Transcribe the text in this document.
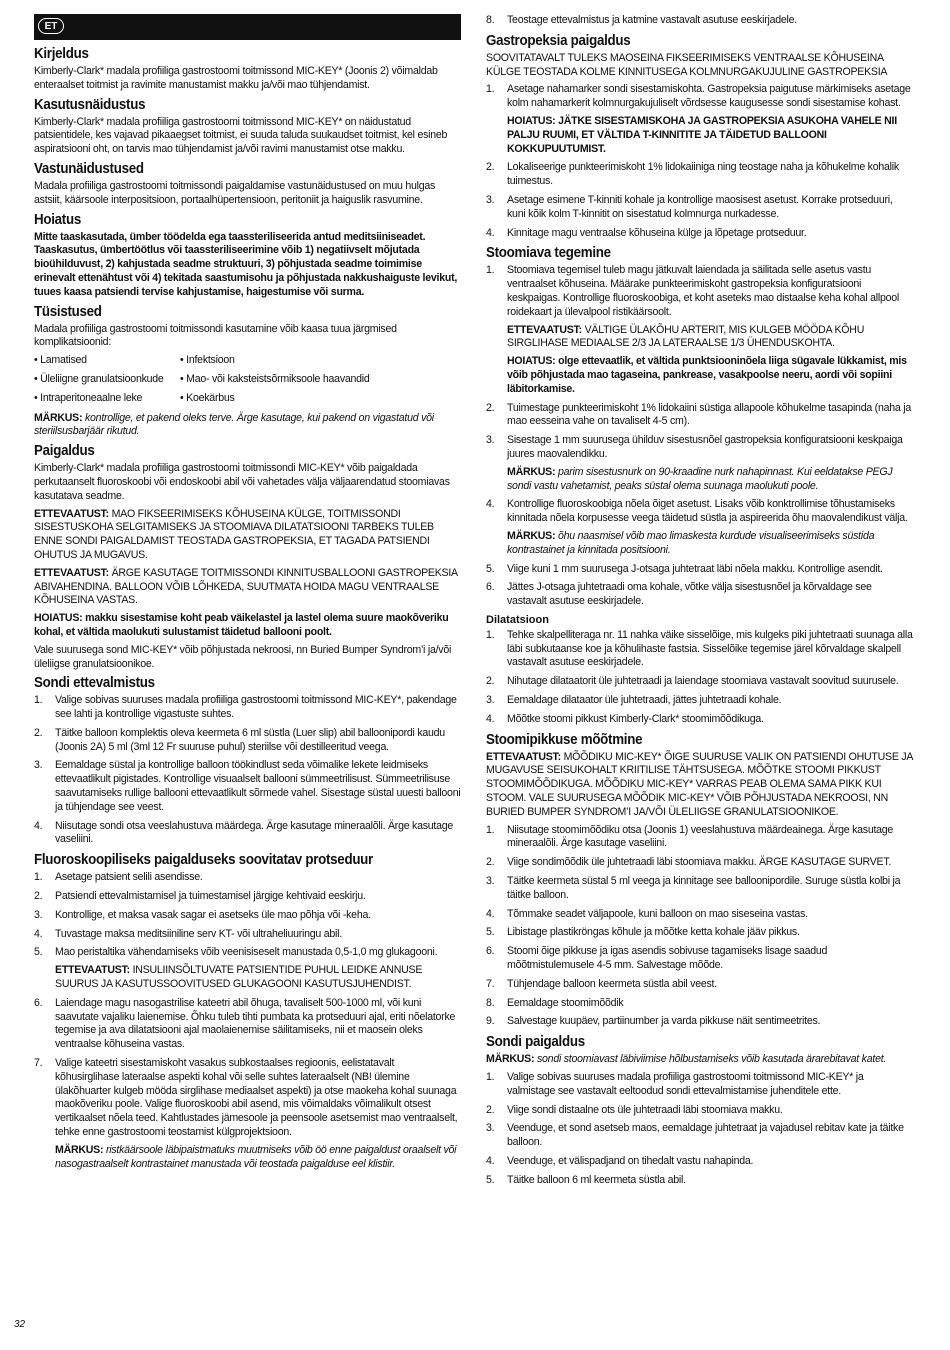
ET
Kirjeldus

Kimberly-Clark* madala profiiliga gastrostoomi toitmissond MIC-KEY* (Joonis 2) võimaldab enteraalset toitmist ja ravimite manustamist makku ja/või mao tühjendamist.

Kasutusnäidustus

Kimberly-Clark* madala profiiliga gastrostoomi toitmissond MIC-KEY* on näidustatud patsientidele, kes vajavad pikaaegset toitmist, ei suuda taluda suukaudset toitmist, kel esineb aspiratsiooni oht, on tarvis mao tühjendamist ja/või ravimi manustamist otse makku.

Vastunäidustused

Madala profiiliga gastrostoomi toitmissondi paigaldamise vastunäidustused on muu hulgas astsiit, käärsoole interpositsioon, portaalhüpertensioon, peritoniit ja haiguslik rasvumine.

Hoiatus

Mitte taaskasutada, ümber töödelda ega taassteriliseerida antud meditsiiniseadet. Taaskasutus, ümbertöötlus või taassteriliseerimine võib 1) negatiivselt mõjutada bioühilduvust, 2) kahjustada seadme struktuuri, 3) põhjustada seadme toimimise erinevalt ettenähtust või 4) tekitada saastumisohu ja põhjustada nakkushaiguste levikut, tuues kaasa patsiendi tervise kahjustamise, haigestumise või surma.

Tüsistused

Madala profiiliga gastrostoomi toitmissondi kasutamine võib kaasa tuua järgmised komplikatsioonid:

• Lamatised	• Infektsioon
• Üleliigne granulatsioonkude	• Mao- või kaksteistsõrmiksoole haavandid
• Intraperitoneaalne leke	• Koekärbus

MÄRKUS: kontrollige, et pakend oleks terve. Ärge kasutage, kui pakend on vigastatud või steriilsusbarjäär rikutud.

Paigaldus

Kimberly-Clark* madala profiiliga gastrostoomi toitmissondi MIC-KEY* võib paigaldada perkutaanselt fluoroskoobi või endoskoobi abil või vahetades välja väljaarendatud stoomiavas kasutatava seadme.

ETTEVAATUST: MAO FIKSEERIMISEKS KÕHUSEINA KÜLGE, TOITMISSONDI SISESTUSKOHA SELGITAMISEKS JA STOOMIAVA DILATATSIOONI TARBEKS TULEB ENNE SONDI PAIGALDAMIST TEOSTADA GASTROPEKSIA, ET TAGADA PATSIENDI OHUTUS JA MUGAVUS.

ETTEVAATUST: ÄRGE KASUTAGE TOITMISSONDI KINNITUSBALLOONI GASTROPEKSIA ABIVAHENDINA. BALLOON VÕIB LÕHKEDA, SUUTMATA HOIDA MAGU VENTRAALSE KÕHUSEINA VASTAS.

HOIATUS: makku sisestamise koht peab väikelastel ja lastel olema suure maokõveriku kohal, et vältida maolukuti sulustamist täidetud ballooni poolt.

Vale suurusega sond MIC-KEY* võib põhjustada nekroosi, nn Buried Bumper Syndrom’i ja/või üleliigse granulatsioonikoe.

Sondi ettevalmistus
1. Valige sobivas suuruses madala profiiliga gastrostoomi toitmissond MIC-KEY*, pakendage see lahti ja kontrollige vigastuste suhtes.
2. Täitke balloon komplektis oleva keermeta 6 ml süstla (Luer slip) abil balloonipordi kaudu (Joonis 2A) 5 ml (3ml 12 Fr suuruse puhul) steriilse või destilleeritud veega.
3. Eemaldage süstal ja kontrollige balloon töökindlust seda võimalike lekete leidmiseks ettevaatlikult pigistades. Kontrollige visuaalselt ballooni sümmeetrilisust. Sümmeetrilisuse saavutamiseks rullige ballooni ettevaatlikult sõrmede vahel. Sisestage süstal uuesti ballooni ja tühjendage see veest.
4. Niisutage sondi otsa veeslahustuva määrdega. Ärge kasutage mineraalõli. Ärge kasutage vaseliini.
Fluoroskoopiliseks paigalduseks soovitatav protseduur
1. Asetage patsient selili asendisse.
2. Patsiendi ettevalmistamisel ja tuimestamisel järgige kehtivaid eeskirju.
3. Kontrollige, et maksa vasak sagar ei asetseks üle mao põhja või -keha.
4. Tuvastage maksa meditsiiniline serv KT- või ultraheliuuringu abil.
5. Mao peristaltika vähendamiseks võib veenisiseselt manustada 0,5-1,0 mg glukagooni.
ETTEVAATUST: INSULIINSÕLTUVATE PATSIENTIDE PUHUL LEIDKE ANNUSE SUURUS JA KASUTUSSOOVITUSED GLUKAGOONI KASUTUSJUHENDIST.
6. Laiendage magu nasogastrilise kateetri abil õhuga, tavaliselt 500-1000 ml, või kuni saavutate vajaliku laienemise. Õhku tuleb tihti pumbata ka protseduuri ajal, eriti nõelatorke tegemise ja ava dilatatsiooni ajal maolaienemise säilitamiseks, nii et maosein oleks ventraalse kõhuseina vastas.
7. Valige kateetri sisestamiskoht vasakus subkostaalses regioonis, eelistatavalt kõhusirglihase lateraalse aspekti kohal või selle suhtes lateraalselt (NB! ülemine ülakõhuarter kulgeb mööda sirglihase mediaalset aspekti) ja otse maokeha kohal suunaga maokõveriku poole. Valige fluoroskoobi abil asend, mis võimaldaks võimalikult otsest vertikaalset nõela teed. Kahtlustades jämesoole ja peensoole asetsemist mao ventraalselt, tehke enne gastrostoomi teostamist külgprojektsioon.
MÄRKUS: ristkäärsoole läbipaistmatuks muutmiseks võib öö enne paigaldust oraalselt või nasogastraalselt kontrastainet manustada või teostada paigalduse eel klistiir.
8. Teostage ettevalmistus ja katmine vastavalt asutuse eeskirjadele.
Gastropeksia paigaldus

SOOVITATAVALT TULEKS MAOSEINA FIKSEERIMISEKS VENTRAALSE KÕHUSEINA KÜLGE TEOSTADA KOLME KINNITUSEGA KOLMNURGAKUJULINE GASTROPEKSIA

1. Asetage nahamarker sondi sisestamiskohta. Gastropeksia paigutuse märkimiseks asetage kolm nahamarkerit kolmnurgakujuliselt võrdsesse kaugusesse sondi sisestamise kohast.
HOIATUS: JÄTKE SISESTAMISKOHA JA GASTROPEKSIA ASUKOHA VAHELE NII PALJU RUUMI, ET VÄLTIDA T-KINNITITE JA TÄIDETUD BALLOONI KOKKUPUUTUMIST.
2. Lokaliseerige punkteerimiskoht 1% lidokaiiniga ning teostage naha ja kõhukelme kohalik tuimestus.
3. Asetage esimene T-kinniti kohale ja kontrollige maosisest asetust. Korrake protseduuri, kuni kõik kolm T-kinnitit on sisestatud kolmnurga nurkadesse.
4. Kinnitage magu ventraalse kõhuseina külge ja lõpetage protseduur.
Stoomiava tegemine
1. Stoomiava tegemisel tuleb magu jätkuvalt laiendada ja säilitada selle asetus vastu ventraalset kõhuseina. Määrake punkteerimiskoht gastropeksia konfiguratsiooni keskpaigas. Kontrollige fluoroskoobiga, et koht aseteks mao distaalse keha kohal allpool roidekaart ja ülevalpool ristikäärsoolt.
ETTEVAATUST: VÄLTIGE ÜLAKÕHU ARTERIT, MIS KULGEB MÖÖDA KÕHU SIRGLIHASE MEDIAALSE 2/3 JA LATERAALSE 1/3 ÜHENDUSKOHTA.
HOIATUS: olge ettevaatlik, et vältida punktsiooninõela liiga sügavale lükkamist, mis võib põhjustada mao tagaseina, pankrease, vasakpoolse neeru, aordi või sopiini läbitorkamise.
2. Tuimestage punkteerimiskoht 1% lidokaiini süstiga allapoole kõhukelme tasapinda (naha ja mao eesseina vahe on tavaliselt 4-5 cm).
3. Sisestage 1 mm suurusega ühilduv sisestusnõel gastropeksia konfiguratsiooni keskpaiga juures maovalendikku.
MÄRKUS: parim sisestusnurk on 90-kraadine nurk nahapinnast. Kui eeldatakse PEGJ sondi vastu vahetamist, peaks süstal olema suunaga maolukuti poole.
4. Kontrollige fluoroskoobiga nõela õiget asetust. Lisaks võib konktrollimise tõhustamiseks kinnitada nõela korpusesse veega täidetud süstla ja aspireerida õhu maovalendikust välja.
MÄRKUS: õhu naasmisel võib mao limaskesta kurdude visualiseerimiseks süstida kontrastainet ja kinnitada positsiooni.
5. Viige kuni 1 mm suurusega J-otsaga juhtetraat läbi nõela makku. Kontrollige asendit.
6. Jättes J-otsaga juhtetraadi oma kohale, võtke välja sisestusnõel ja kõrvaldage see vastavalt asutuse eeskirjadele.
Dilatatsioon
1. Tehke skalpelliteraga nr. 11 nahka väike sisselõige, mis kulgeks piki juhtetraati suunaga alla läbi subkutaanse koe ja kõhulihaste fastsia. Sisselõike tegemise järel kõrvaldage skalpell vastavalt asutuse eeskirjadele.
2. Nihutage dilataatorit üle juhtetraadi ja laiendage stoomiava vastavalt soovitud suurusele.
3. Eemaldage dilataator üle juhtetraadi, jättes juhtetraadi kohale.
4. Mõõtke stoomi pikkust Kimberly-Clark* stoomimõõdikuga.
Stoomipikkuse mõõtmine

ETTEVAATUST: MÕÕDIKU MIC-KEY* ÕIGE SUURUSE VALIK ON PATSIENDI OHUTUSE JA MUGAVUSE SEISUKOHALT KRIITILISE TÄHTSUSEGA. MÕÕTKE STOOMI PIKKUST STOOMIMÕÕDIKUGA. MÕÕDIKU MIC-KEY* VARRAS PEAB OLEMA SAMA PIKK KUI STOOM. VALE SUURUSEGA MÕÕDIK MIC-KEY* VÕIB PÕHJUSTADA NEKROOSI, NN BURIED BUMPER SYNDROM’I JA/VÕI ÜLELIIGSE GRANULATSIOONIKOE.

1. Niisutage stoomimõõdiku otsa (Joonis 1) veeslahustuva määrdeainega. Ärge kasutage mineraalõli. Ärge kasutage vaseliini.
2. Viige sondimõõdik üle juhtetraadi läbi stoomiava makku. ÄRGE KASUTAGE SURVET.
3. Täitke keermeta süstal 5 ml veega ja kinnitage see balloonipordile. Suruge süstla kolbi ja täitke balloon.
4. Tõmmake seadet väljapoole, kuni balloon on mao siseseina vastas.
5. Libistage plastikröngas kõhule ja mõõtke ketta kohale jääv pikkus.
6. Stoomi õige pikkuse ja igas asendis sobivuse tagamiseks lisage saadud mõõtmistulemusele 4-5 mm. Salvestage mõõde.
7. Tühjendage balloon keermeta süstla abil veest.
8. Eemaldage stoomimõõdik
9. Salvestage kuupäev, partiinumber ja varda pikkuse näit sentimeetrites.
Sondi paigaldus

MÄRKUS: sondi stoomiavast läbiviimise hõlbustamiseks võib kasutada ärarebitavat katet.

1. Valige sobivas suuruses madala profiiliga gastrostoomi toitmissond MIC-KEY* ja valmistage see vastavalt eeltoodud sondi ettevalmistamise juhenditele ette.
2. Viige sondi distaalne ots üle juhtetraadi läbi stoomiava makku.
3. Veenduge, et sond asetseb maos, eemaldage juhtetraat ja vajadusel rebitav kate ja täitke balloon.
4. Veenduge, et välispadjand on tihedalt vastu nahapinda.
5. Täitke balloon 6 ml keermeta süstla abil.
32
